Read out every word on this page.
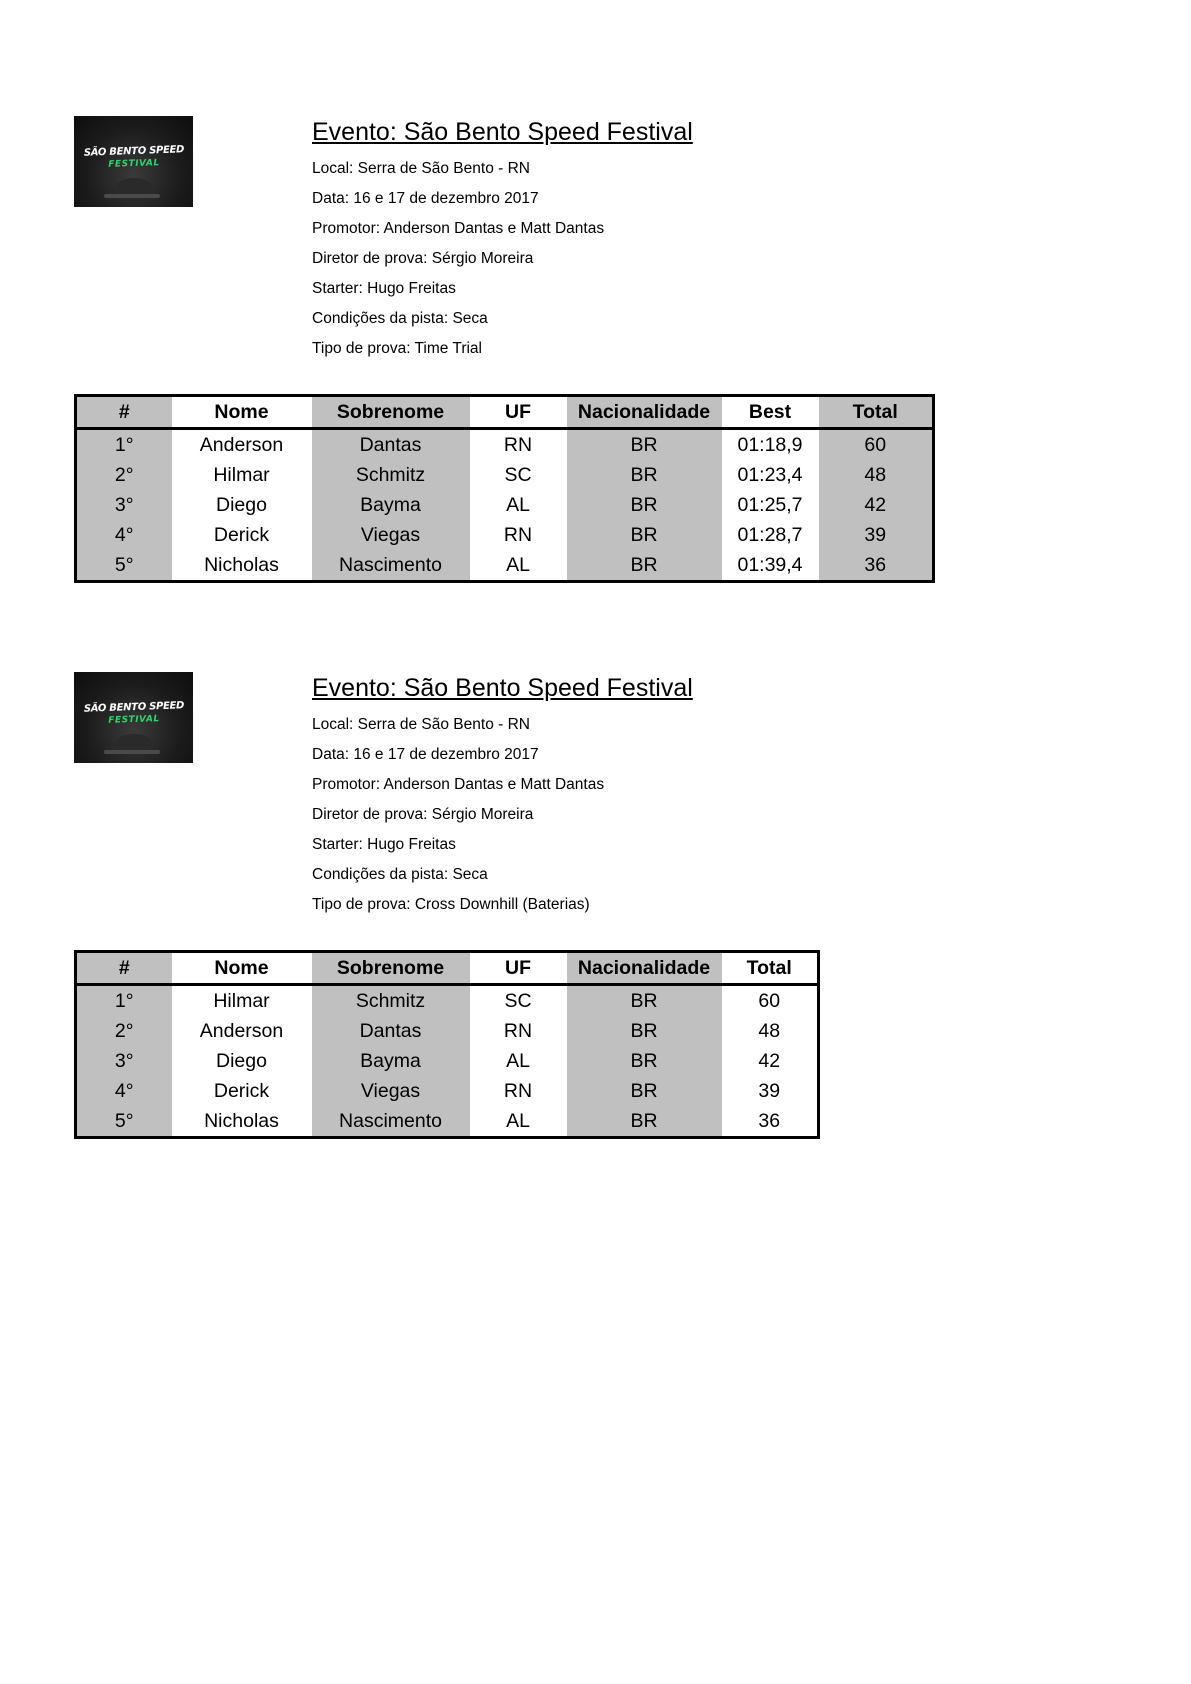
SÃO BENTO SPEED
FESTIVAL
Evento: São Bento Speed Festival
Local: Serra de São Bento - RN
Data: 16 e 17 de dezembro 2017
Promotor: Anderson Dantas e Matt Dantas
Diretor de prova: Sérgio Moreira
Starter: Hugo Freitas
Condições da pista: Seca
Tipo de prova: Time Trial
#	Nome	Sobrenome	UF	Nacionalidade	Best	Total
1°	Anderson	Dantas	RN	BR	01:18,9	60
2°	Hilmar	Schmitz	SC	BR	01:23,4	48
3°	Diego	Bayma	AL	BR	01:25,7	42
4°	Derick	Viegas	RN	BR	01:28,7	39
5°	Nicholas	Nascimento	AL	BR	01:39,4	36
SÃO BENTO SPEED
FESTIVAL
Evento: São Bento Speed Festival
Local: Serra de São Bento - RN
Data: 16 e 17 de dezembro 2017
Promotor: Anderson Dantas e Matt Dantas
Diretor de prova: Sérgio Moreira
Starter: Hugo Freitas
Condições da pista: Seca
Tipo de prova: Cross Downhill (Baterias)
#	Nome	Sobrenome	UF	Nacionalidade	Total
1°	Hilmar	Schmitz	SC	BR	60
2°	Anderson	Dantas	RN	BR	48
3°	Diego	Bayma	AL	BR	42
4°	Derick	Viegas	RN	BR	39
5°	Nicholas	Nascimento	AL	BR	36
